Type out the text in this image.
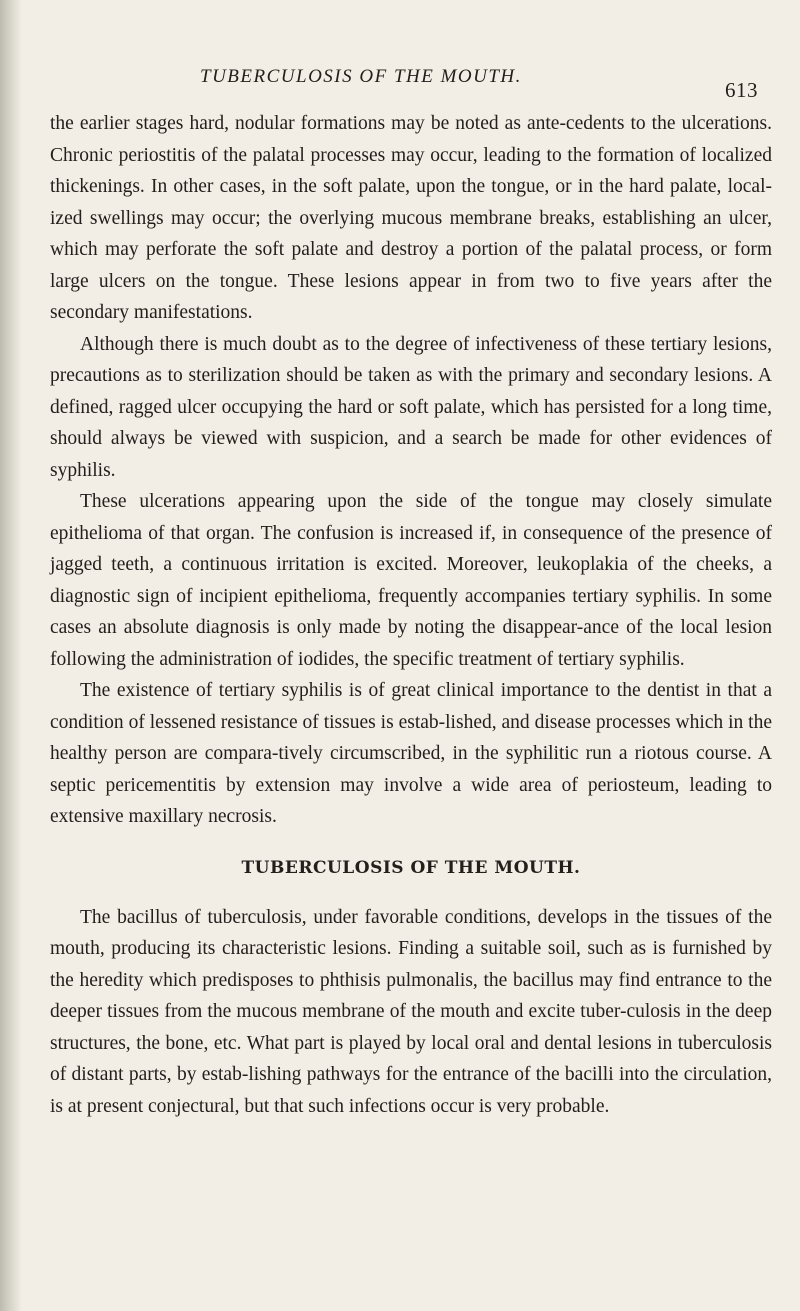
TUBERCULOSIS OF THE MOUTH.
613

the earlier stages hard, nodular formations may be noted as ante-cedents to the ulcerations. Chronic periostitis of the palatal processes may occur, leading to the formation of localized thickenings. In other cases, in the soft palate, upon the tongue, or in the hard palate, local-ized swellings may occur; the overlying mucous membrane breaks, establishing an ulcer, which may perforate the soft palate and destroy a portion of the palatal process, or form large ulcers on the tongue. These lesions appear in from two to five years after the secondary manifestations.

Although there is much doubt as to the degree of infectiveness of these tertiary lesions, precautions as to sterilization should be taken as with the primary and secondary lesions. A defined, ragged ulcer occupying the hard or soft palate, which has persisted for a long time, should always be viewed with suspicion, and a search be made for other evidences of syphilis.

These ulcerations appearing upon the side of the tongue may closely simulate epithelioma of that organ. The confusion is increased if, in consequence of the presence of jagged teeth, a continuous irritation is excited. Moreover, leukoplakia of the cheeks, a diagnostic sign of incipient epithelioma, frequently accompanies tertiary syphilis. In some cases an absolute diagnosis is only made by noting the disappear-ance of the local lesion following the administration of iodides, the specific treatment of tertiary syphilis.

The existence of tertiary syphilis is of great clinical importance to the dentist in that a condition of lessened resistance of tissues is estab-lished, and disease processes which in the healthy person are compara-tively circumscribed, in the syphilitic run a riotous course. A septic pericementitis by extension may involve a wide area of periosteum, leading to extensive maxillary necrosis.

TUBERCULOSIS OF THE MOUTH.

The bacillus of tuberculosis, under favorable conditions, develops in the tissues of the mouth, producing its characteristic lesions. Finding a suitable soil, such as is furnished by the heredity which predisposes to phthisis pulmonalis, the bacillus may find entrance to the deeper tissues from the mucous membrane of the mouth and excite tuber-culosis in the deep structures, the bone, etc. What part is played by local oral and dental lesions in tuberculosis of distant parts, by estab-lishing pathways for the entrance of the bacilli into the circulation, is at present conjectural, but that such infections occur is very probable.
